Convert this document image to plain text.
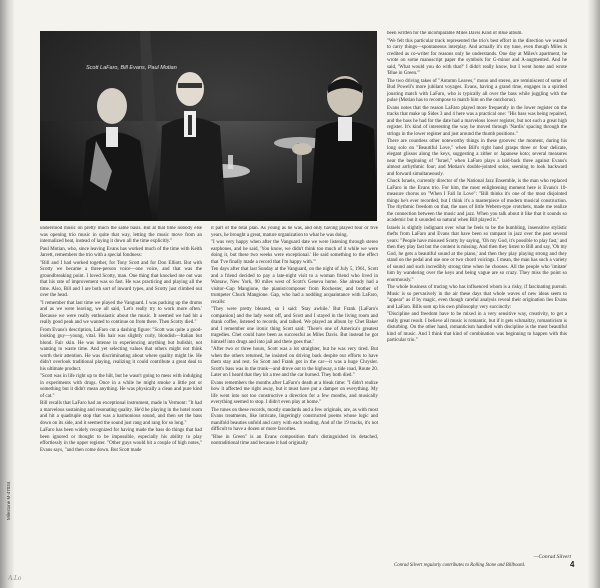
Scott LaFaro, Bill Evans, Paul Motian

understood music on pretty much the same basis. But at that time nobody else was opening trio music in quite that way, letting the music move from an internalized beat, instead of laying it down all the time explicitly."

Paul Motian, who, since leaving Evans has worked much of the time with Keith Jarrett, remembers the trio with a special fondness:

"Bill and I had worked together, for Tony Scott and for Don Elliott. But with Scotty we became a three-person voice—one voice, and that was the groundbreaking point. I loved Scotty, man. One thing that knocked me out was that his rate of improvement was so fast. He was practicing and playing all the time. Also, Bill and I are both sort of inward types, and Scotty just climbed out over the head.

"I remember that last time we played the Vanguard. I was packing up the drums and as we were leaving, we all said, 'Let's really try to work more often.' Because we were really enthusiastic about the music. It seemed we had hit a really good peak and we wanted to continue on from there. Then Scotty died."

From Evans's description, LaFaro cut a dashing figure: "Scott was quite a good-looking guy—young, vital. His hair was slightly curly, blondish—Italian but blond. Fair skin. He was intense in experiencing anything but bullshit, not wanting to waste time. And yet selecting values that others might not think worth their attention. He was discriminating about where quality might lie. He didn't overlook traditional playing, realizing it could contribute a great deal to his ultimate product.

"Scott was in life right up to the hilt, but he wasn't going to mess with indulging in experiments with drugs. Once in a while he might smoke a little pot or something but it didn't mean anything. He was physically a clean and pure kind of cat."

Bill recalls that LaFaro had an exceptional instrument, made in Vermont: "It had a marvelous sustaining and resonating quality. He'd be playing in the hotel room and hit a quadruple stop that was a harmonious sound, and then set the bass down on its side, and it seemed the sound just rang and rang for so long."

LaFaro has been widely recognized for having made the bass do things that had been ignored or thought to be impossible, especially his ability to play effortlessly in the upper register. "Other guys would hit a couple of high notes," Evans says, "and then come down. But Scott made

it part of the total plan. As young as he was, and only having played four or five years, he brought a great, mature organization to what he was doing.

"I was very happy when after the Vanguard date we were listening through stereo earphones, and he said, 'You know, we didn't think too much of it while we were doing it, but these two weeks were exceptional.' He said something to the effect that 'I've finally made a record that I'm happy with.'"

Ten days after that last Sunday at the Vanguard, on the night of July 5, 1961, Scott and a friend decided to pay a late-night visit to a woman friend who lived in Warsaw, New York, 90 miles west of Scott's Geneva home. She already had a visitor–Gap Mangione, the pianist/composer from Rochester, and brother of trumpeter Chuck Mangione. Gap, who had a nodding acquaintance with LaFaro, recalls:

"They were pretty bleared, so I said: 'Stay awhile.' But Frank [LaFaro's companion] and the lady went off, and Scott and I stayed in the living room and drank coffee, listened to records, and talked. We played an album by Chet Baker and I remember one ironic thing Scott said: 'There's one of America's greatest tragedies. Chet could have been as successful as Miles Davis. But instead he got himself into drugs and into jail and there goes that.'

"After two or three hours, Scott was a lot straighter, but he was very tired. But when the others returned, he insisted on driving back despite our efforts to have them stay and rest. So Scott and Frank got in the car—it was a huge Chrysler. Scott's bass was in the trunk—and drove out to the highway, a tide road, Route 20. Later on I heard that they hit a tree and the car burned. They both died."

Evans remembers the months after LaFaro's death at a bleak time: "I didn't realize how it affected me right away, but it must have put a damper on everything. My life went into not too constructive a direction for a few months, and musically everything seemed to stop. I didn't even play at home."

The tunes on these records, mostly standards and a few originals, are, as with most Evans treatments, like intricate, lingeringly constructed poems whose logic and manifold beauties unfold and carry with each reading. And of the 19 tracks, it's not difficult to have a dozen or more favorites.

"Blue in Green" is an Evans composition that's distinguished its detached, nontraditional time and because it had originally

been written for the incomparable Miles Davis Kind of Blue album.

"We felt this particular track represented the trio's best effort in the direction we wanted to carry things—spontaneous interplay. And actually it's my tune, even though Miles is credited as co-writer for reasons only he understands. One day at Miles's apartment, he wrote on some manuscript paper the symbols for G-minor and A-augmented. And he said, 'What would you do with that?' I didn't really know, but I went home and wrote 'Blue in Green.'"

The two driving takes of "Autumn Leaves," mono and stereo, are reminiscent of some of Bud Powell's more jubilant voyages. Evans, having a grand time, engages in a spirited jousting match with LaFaro, who is typically all over the bass while juggling with the pulse (Motian has to recompose to match him on the outchorus).

Evans notes that the reason LaFaro played more frequently in the lower register on the tracks that make up Sides 3 and 4 here was a practical one: "His bass was being repaired, and the bass he had for the date had a marvelous lower register, but not such a great high register. It's kind of interesting the way he moved through 'Nardis' spacing through the strings in the lower register and just around the thumb positions."

There are countless other noteworthy things in these grooves: the moment, during his long solo on "Beautiful Love," when Bill's right hand grasps three or four delicate, elegant glissos along the keys, suggesting a zither or Japanese koto; several measures near the beginning of "Israel," when LaFaro plays a laid-back three against Evans's almost arrhythmic four; and Motian's double-jointed solos, seeming to look backward and forward simultaneously.

Chuck Israels, currently director of the National Jazz Ensemble, is the man who replaced LaFaro in the Evans trio. For him, the most enlightening moment here is Evans's 10-measure chorus on "When I Fall In Love": "Bill thinks it's one of the most disjointed things he's ever recorded, but I think it's a masterpiece of modern musical construction. The rhythmic freedom on that, the uses of little Webern-type crotchets, made me realize the connection between the music and jazz. When you talk about it like that it sounds so academic but it sounded so natural when Bill played it."

Israels is slightly indignant over what he feels to be the bumbling, insensitive stylistic thefts from LaFaro and Evans that have been so rampant in jazz over the past several years: "People have misused Scotty by saying, 'Oh my God, it's possible to play fast,' and then they play fast but the content is missing. And then they listen to Bill and say, 'Oh my God, he gets a beautiful sound at the piano,' and then they play playing strong and they stand on the pedal and use one or two chord voicings. I mean, the man has such a variety of sound and such incredibly strong time when he chooses. All the people who 'imitate' him by wandering over the keys and being vague are so crazy. They miss the point so enormously."

The whole business of tracing who has influenced whom is a risky, if fascinating pursuit. Music is so pervasively in the air these days that whole waves of new ideas seem to "appear" as if by magic, even though careful analysis reveal their origination lies Evans and LaFaro. Bills sum up his own philosophy very succinctly:

"Discipline and freedom have to be mixed in a very sensitive way, creativity, to get a really great result. I believe all music is romantic, but if it gets schmaltzy, romanticism is disturbing. On the other hand, romanticism handled with discipline is the most beautiful kind of music. And I think that kind of combination was beginning to happen with this particular trio."

—Conrad Silvert
Conrad Silvert regularly contributes to Rolling Stone and Billboard.	4
Milestone M-47034
A.Lo
